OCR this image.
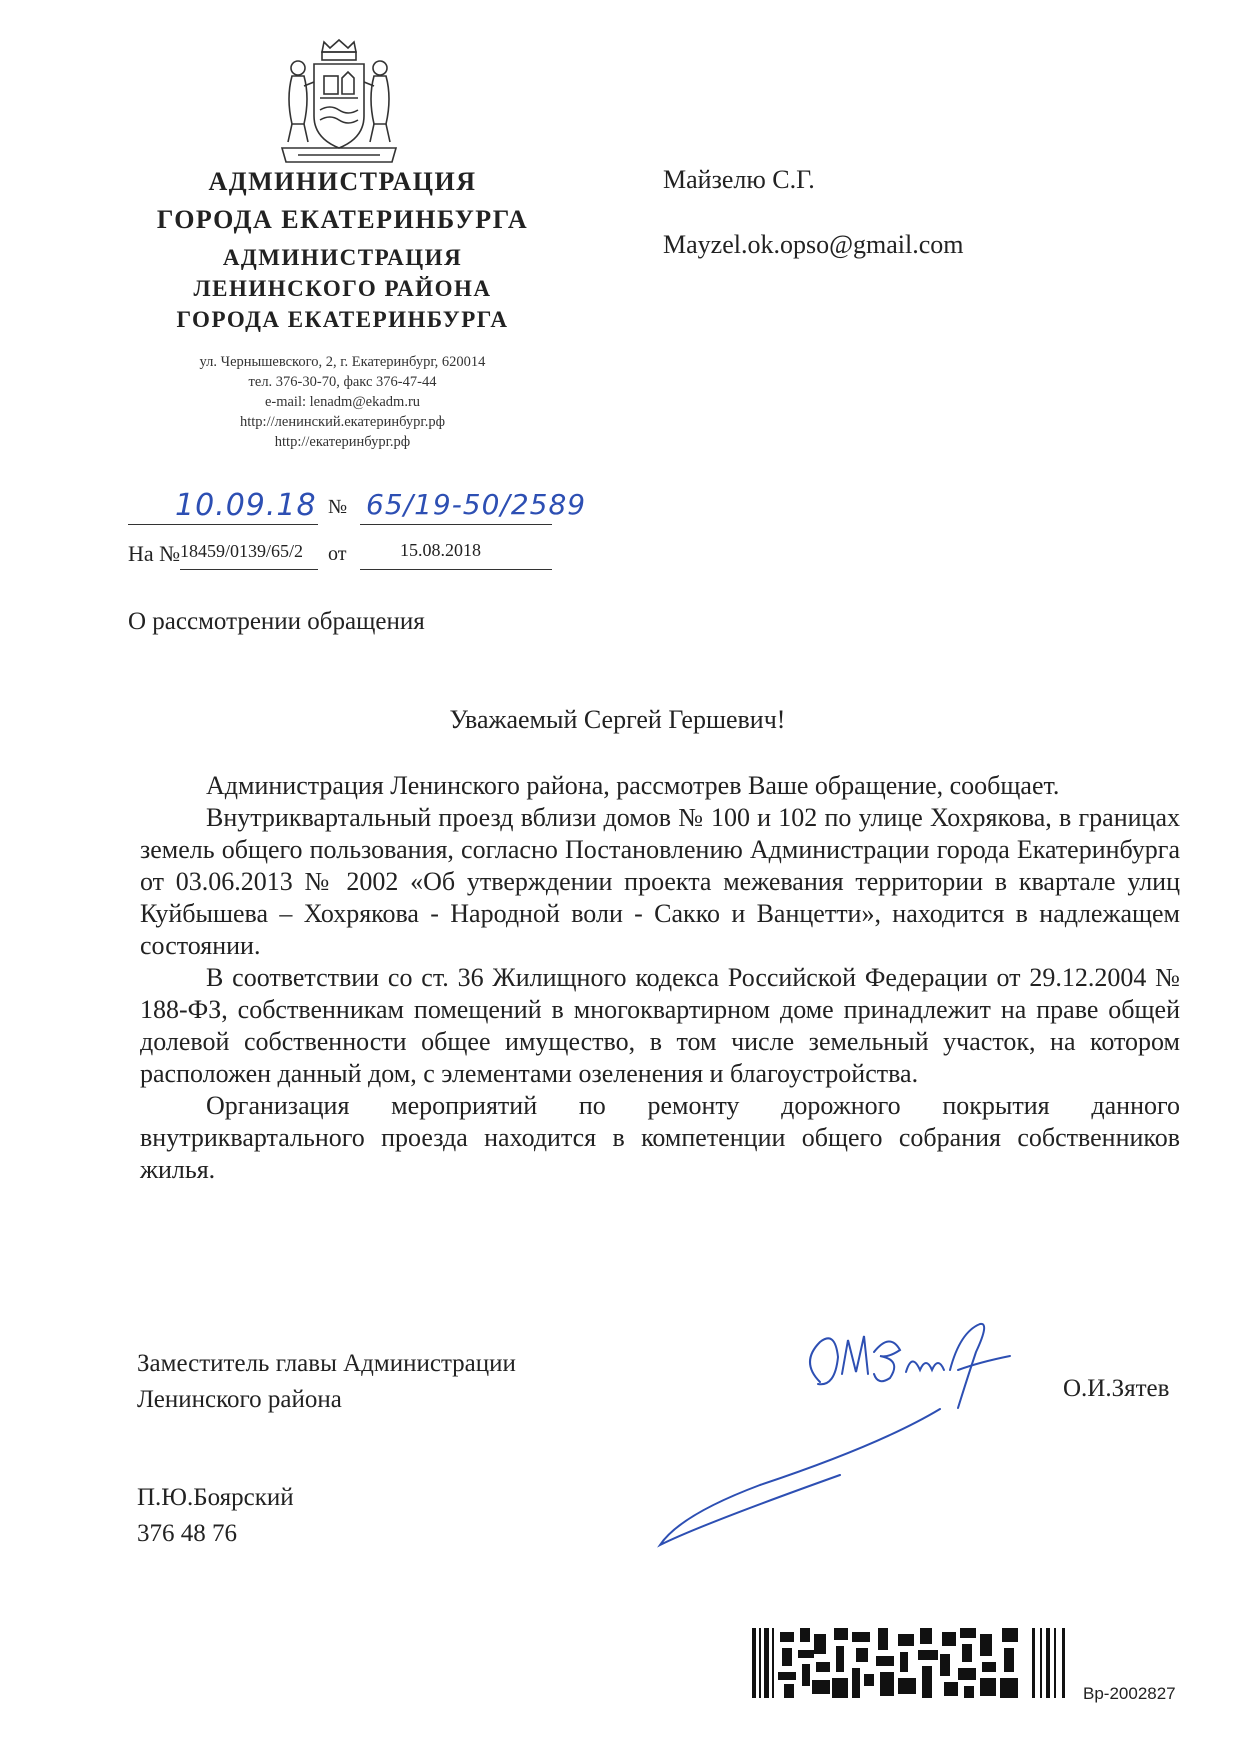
АДМИНИСТРАЦИЯ
ГОРОДА ЕКАТЕРИНБУРГА
АДМИНИСТРАЦИЯ
ЛЕНИНСКОГО РАЙОНА
ГОРОДА ЕКАТЕРИНБУРГА
ул. Чернышевского, 2, г. Екатеринбург, 620014
тел. 376-30-70, факс 376-47-44
e-mail: lenadm@ekadm.ru
http://ленинский.екатеринбург.рф
http://екатеринбург.рф
Майзелю С.Г.
Mayzel.ok.opso@gmail.com
10.09.18 № 65/19-50/2589
На № 18459/0139/65/2	от	15.08.2018
О рассмотрении обращения
Уважаемый Сергей Гершевич!

Администрация Ленинского района, рассмотрев Ваше обращение, сообщает.

Внутриквартальный проезд вблизи домов № 100 и 102 по улице Хохрякова, в границах земель общего пользования, согласно Постановлению Администрации города Екатеринбурга от 03.06.2013 № 2002 «Об утверждении проекта межевания территории в квартале улиц Куйбышева – Хохрякова - Народной воли - Сакко и Ванцетти», находится в надлежащем состоянии.

В соответствии со ст. 36 Жилищного кодекса Российской Федерации от 29.12.2004 № 188-ФЗ, собственникам помещений в многоквартирном доме принадлежит на праве общей долевой собственности общее имущество, в том числе земельный участок, на котором расположен данный дом, с элементами озеленения и благоустройства.

Организация мероприятий по ремонту дорожного покрытия данного внутриквартального проезда находится в компетенции общего собрания собственников жилья.

Заместитель главы Администрации
Ленинского района	О.И.Зятев
П.Ю.Боярский
376 48 76
Вр-2002827
